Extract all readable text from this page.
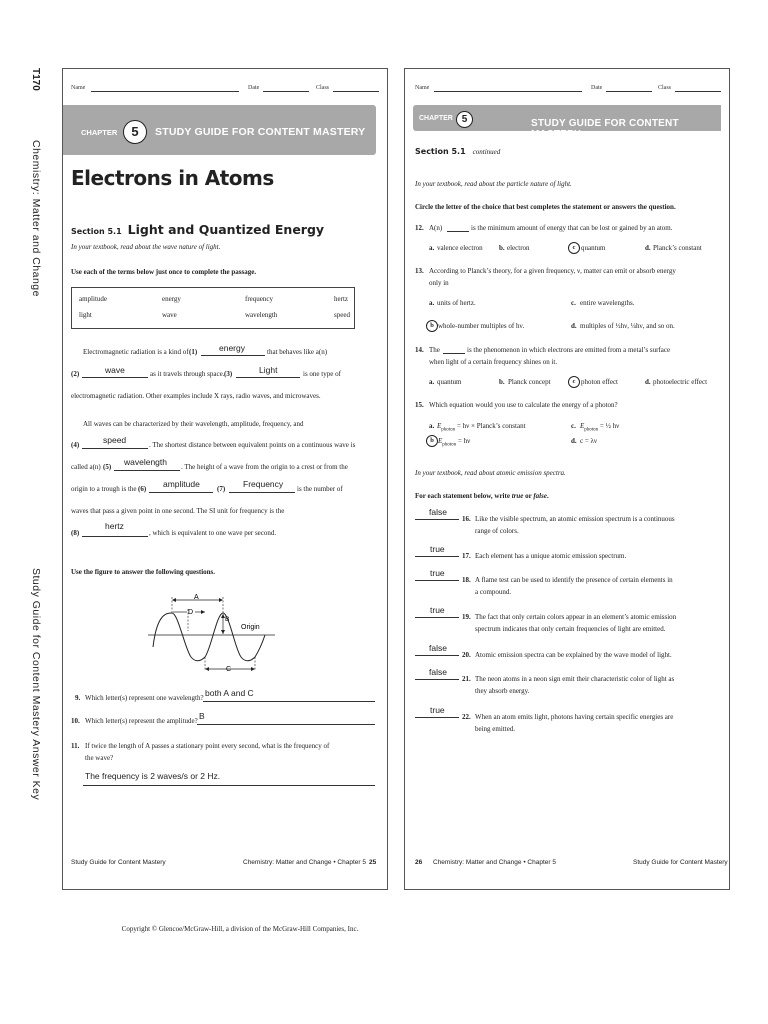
T170
Chemistry: Matter and Change
Study Guide for Content Mastery Answer Key
Name	Date	Class
CHAPTER	5	STUDY GUIDE FOR CONTENT MASTERY
Electrons in Atoms
Section 5.1 Light and Quantized Energy
In your textbook, read about the wave nature of light.
Use each of the terms below just once to complete the passage.
amplitude	energy	frequency	hertz
light	wave	wavelength	speed
Electromagnetic radiation is a kind of (1)	energy	that behaves like a(n)
(2)	wave	as it travels through space. (3)	Light	is one type of
electromagnetic radiation. Other examples include X rays, radio waves, and microwaves.
All waves can be characterized by their wavelength, amplitude, frequency, and
(4)	speed	. The shortest distance between equivalent points on a continuous wave is
called a(n) (5) wavelength . The height of a wave from the origin to a crest or from the
origin to a trough is the (6) amplitude (7) Frequency is the number of
waves that pass a given point in one second. The SI unit for frequency is the
(8)
hertz
, which is equivalent to one wave per second.
Use the figure to answer the following questions.
A
D
B
C
Origin
9. Which letter(s) represent one wavelength? both A and C
10. Which letter(s) represent the amplitude? B
11. If twice the length of A passes a stationary point every second, what is the frequency of
the wave?
The frequency is 2 waves/s or 2 Hz.
Study Guide for Content Mastery	Chemistry: Matter and Change • Chapter 5 25
Name	Date	Class
CHAPTER 5	STUDY GUIDE FOR CONTENT MASTERY
Section 5.1 continued
In your textbook, read about the particle nature of light.
Circle the letter of the choice that best completes the statement or answers the question.
12. A(n)	is the minimum amount of energy that can be lost or gained by an atom.
a. valence electron b. electron	c quantum	d. Planck’s constant
13. According to Planck’s theory, for a given frequency, ν, matter can emit or absorb energy
only in
a. units of hertz.	c. entire wavelengths.
b whole-number multiples of hν.	d. multiples of ½hν, ¼hν, and so on.
14. The	is the phenomenon in which electrons are emitted from a metal’s surface
when light of a certain frequency shines on it.
a. quantum	b. Planck concept	c photon effect	d. photoelectric effect
15. Which equation would you use to calculate the energy of a photon?
a. $E_{photon} = h\nu$ × Planck’s constant	c. $E_{photon}$ = ½ hν
b $E_{photon} = h\nu$	d. c = λν
In your textbook, read about atomic emission spectra.
For each statement below, write true or false.
false
16. Like the visible spectrum, an atomic emission spectrum is a continuous
range of colors.
true
17. Each element has a unique atomic emission spectrum.
true
18. A flame test can be used to identify the presence of certain elements in
a compound.
true
19. The fact that only certain colors appear in an element’s atomic emission
spectrum indicates that only certain frequencies of light are emitted.
false
20. Atomic emission spectra can be explained by the wave model of light.
false
21. The neon atoms in a neon sign emit their characteristic color of light as
they absorb energy.
true
22. When an atom emits light, photons having certain specific energies are
being emitted.
26 Chemistry: Matter and Change • Chapter 5	Study Guide for Content Mastery
Copyright © Glencoe/McGraw-Hill, a division of the McGraw-Hill Companies, Inc.
